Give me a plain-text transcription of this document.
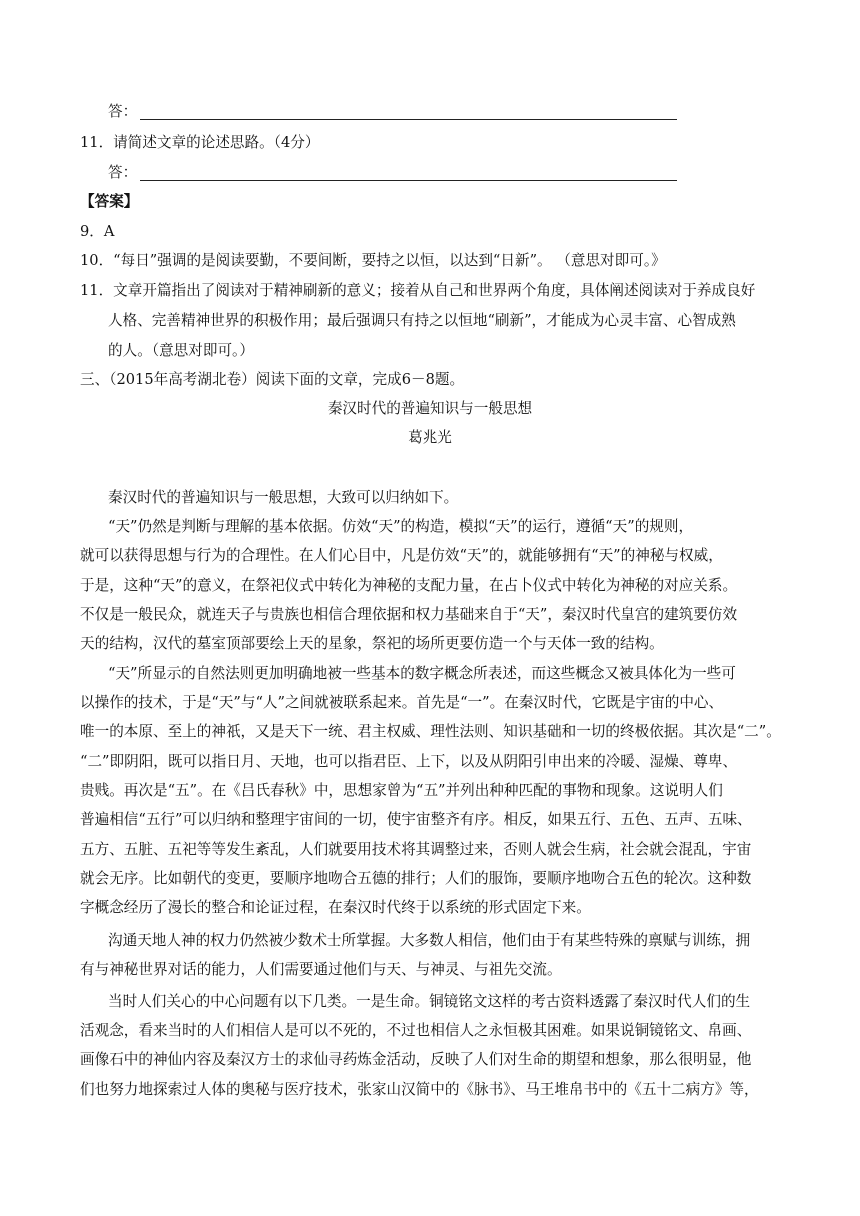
答：
11．请简述文章的论述思路。（4分）
答：
【答案】
9．A
10．“每日”强调的是阅读要勤，不要间断，要持之以恒，以达到“日新”。 （意思对即可。》
11．文章开篇指出了阅读对于精神刷新的意义；接着从自己和世界两个角度，具体阐述阅读对于养成良好
人格、完善精神世界的积极作用；最后强调只有持之以恒地“刷新”，才能成为心灵丰富、心智成熟
的人。（意思对即可。）
三、（2015年高考湖北卷）阅读下面的文章，完成6－8题。
秦汉时代的普遍知识与一般思想
葛兆光
秦汉时代的普遍知识与一般思想，大致可以归纳如下。
“天”仍然是判断与理解的基本依据。仿效“天”的构造，模拟“天”的运行，遵循“天”的规则，
就可以获得思想与行为的合理性。在人们心目中，凡是仿效“天”的，就能够拥有“天”的神秘与权威，
于是，这种“天”的意义，在祭祀仪式中转化为神秘的支配力量，在占卜仪式中转化为神秘的对应关系。
不仅是一般民众，就连天子与贵族也相信合理依据和权力基础来自于“天”，秦汉时代皇宫的建筑要仿效
天的结构，汉代的墓室顶部要绘上天的星象，祭祀的场所更要仿造一个与天体一致的结构。
“天”所显示的自然法则更加明确地被一些基本的数字概念所表述，而这些概念又被具体化为一些可
以操作的技术，于是“天”与“人”之间就被联系起来。首先是“一”。在秦汉时代，它既是宇宙的中心、
唯一的本原、至上的神祇，又是天下一统、君主权威、理性法则、知识基础和一切的终极依据。其次是“二”。
“二”即阴阳，既可以指日月、天地，也可以指君臣、上下，以及从阴阳引申出来的冷暖、湿燥、尊卑、
贵贱。再次是“五”。在《吕氏春秋》中，思想家曾为“五”并列出种种匹配的事物和现象。这说明人们
普遍相信“五行”可以归纳和整理宇宙间的一切，使宇宙整齐有序。相反，如果五行、五色、五声、五味、
五方、五脏、五祀等等发生紊乱，人们就要用技术将其调整过来，否则人就会生病，社会就会混乱，宇宙
就会无序。比如朝代的变更，要顺序地吻合五德的排行；人们的服饰，要顺序地吻合五色的轮次。这种数
字概念经历了漫长的整合和论证过程，在秦汉时代终于以系统的形式固定下来。
沟通天地人神的权力仍然被少数术士所掌握。大多数人相信，他们由于有某些特殊的禀赋与训练，拥
有与神秘世界对话的能力，人们需要通过他们与天、与神灵、与祖先交流。
当时人们关心的中心问题有以下几类。一是生命。铜镜铭文这样的考古资料透露了秦汉时代人们的生
活观念，看来当时的人们相信人是可以不死的，不过也相信人之永恒极其困难。如果说铜镜铭文、帛画、
画像石中的神仙内容及秦汉方士的求仙寻药炼金活动，反映了人们对生命的期望和想象，那么很明显，他
们也努力地探索过人体的奥秘与医疗技术，张家山汉简中的《脉书》、马王堆帛书中的《五十二病方》等，
